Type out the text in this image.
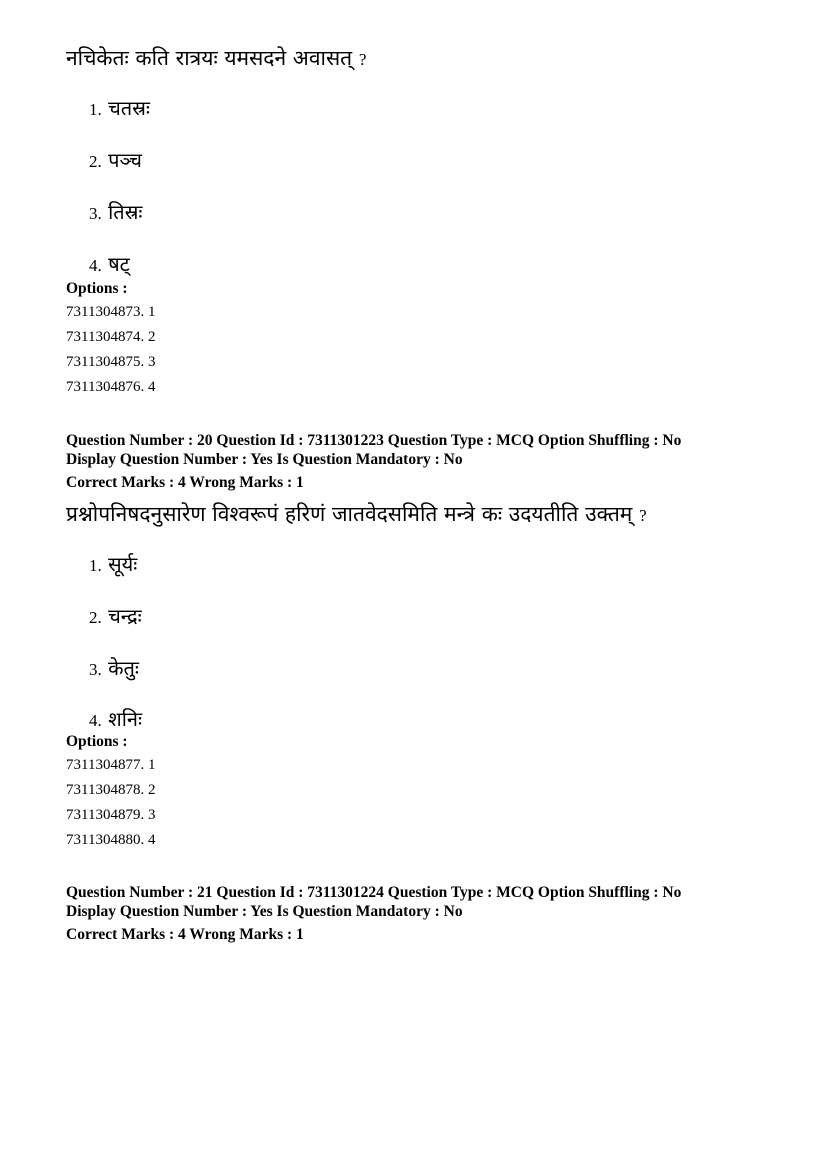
नचिकेतः कति रात्रयः यमसदने अवासत् ?
1. चतस्रः
2. पञ्च
3. तिस्रः
4. षट्
Options :
7311304873. 1
7311304874. 2
7311304875. 3
7311304876. 4
Question Number : 20 Question Id : 7311301223 Question Type : MCQ Option Shuffling : No
Display Question Number : Yes Is Question Mandatory : No
Correct Marks : 4 Wrong Marks : 1
प्रश्नोपनिषदनुसारेण विश्वरूपं हरिणं जातवेदसमिति मन्त्रे कः उदयतीति उक्तम् ?
1. सूर्यः
2. चन्द्रः
3. केतुः
4. शनिः
Options :
7311304877. 1
7311304878. 2
7311304879. 3
7311304880. 4
Question Number : 21 Question Id : 7311301224 Question Type : MCQ Option Shuffling : No
Display Question Number : Yes Is Question Mandatory : No
Correct Marks : 4 Wrong Marks : 1
